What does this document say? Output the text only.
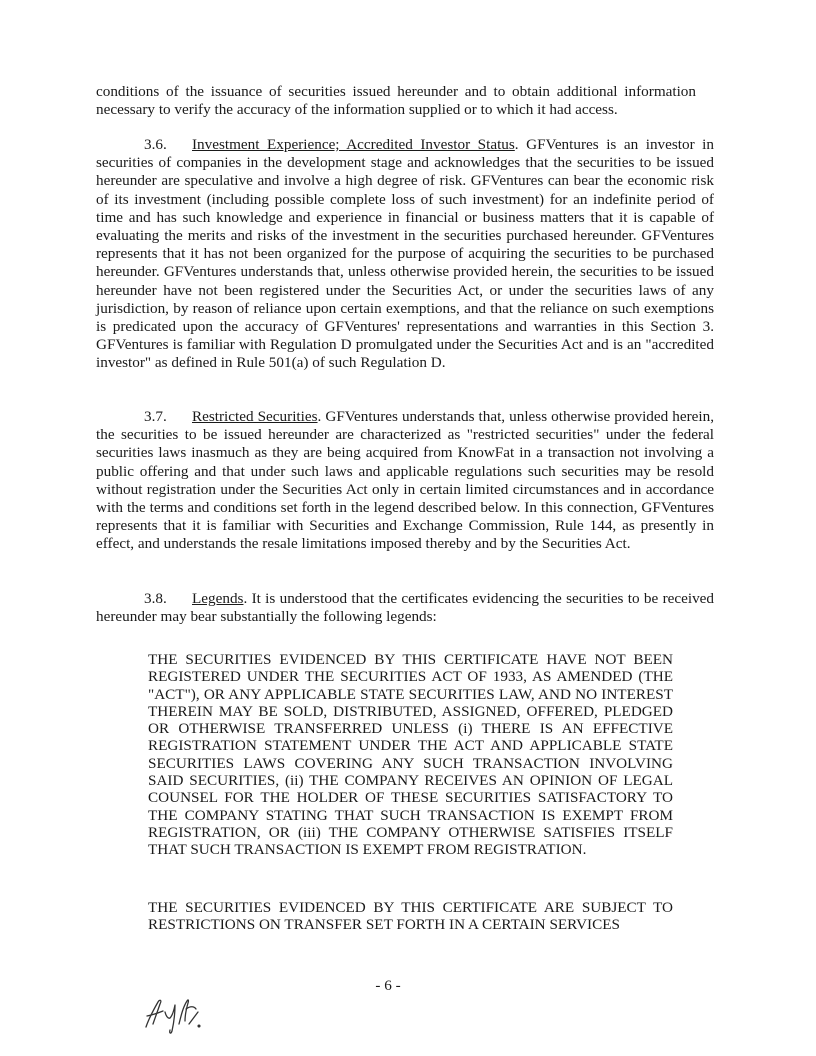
conditions of the issuance of securities issued hereunder and to obtain additional information necessary to verify the accuracy of the information supplied or to which it had access.

3.6. Investment Experience; Accredited Investor Status. GFVentures is an investor in securities of companies in the development stage and acknowledges that the securities to be issued hereunder are speculative and involve a high degree of risk. GFVentures can bear the economic risk of its investment (including possible complete loss of such investment) for an indefinite period of time and has such knowledge and experience in financial or business matters that it is capable of evaluating the merits and risks of the investment in the securities purchased hereunder. GFVentures represents that it has not been organized for the purpose of acquiring the securities to be purchased hereunder. GFVentures understands that, unless otherwise provided herein, the securities to be issued hereunder have not been registered under the Securities Act, or under the securities laws of any jurisdiction, by reason of reliance upon certain exemptions, and that the reliance on such exemptions is predicated upon the accuracy of GFVentures' representations and warranties in this Section 3. GFVentures is familiar with Regulation D promulgated under the Securities Act and is an "accredited investor" as defined in Rule 501(a) of such Regulation D.

3.7. Restricted Securities. GFVentures understands that, unless otherwise provided herein, the securities to be issued hereunder are characterized as "restricted securities" under the federal securities laws inasmuch as they are being acquired from KnowFat in a transaction not involving a public offering and that under such laws and applicable regulations such securities may be resold without registration under the Securities Act only in certain limited circumstances and in accordance with the terms and conditions set forth in the legend described below. In this connection, GFVentures represents that it is familiar with Securities and Exchange Commission, Rule 144, as presently in effect, and understands the resale limitations imposed thereby and by the Securities Act.

3.8. Legends. It is understood that the certificates evidencing the securities to be received hereunder may bear substantially the following legends:

THE SECURITIES EVIDENCED BY THIS CERTIFICATE HAVE NOT BEEN REGISTERED UNDER THE SECURITIES ACT OF 1933, AS AMENDED (THE "ACT"), OR ANY APPLICABLE STATE SECURITIES LAW, AND NO INTEREST THEREIN MAY BE SOLD, DISTRIBUTED, ASSIGNED, OFFERED, PLEDGED OR OTHERWISE TRANSFERRED UNLESS (i) THERE IS AN EFFECTIVE REGISTRATION STATEMENT UNDER THE ACT AND APPLICABLE STATE SECURITIES LAWS COVERING ANY SUCH TRANSACTION INVOLVING SAID SECURITIES, (ii) THE COMPANY RECEIVES AN OPINION OF LEGAL COUNSEL FOR THE HOLDER OF THESE SECURITIES SATISFACTORY TO THE COMPANY STATING THAT SUCH TRANSACTION IS EXEMPT FROM REGISTRATION, OR (iii) THE COMPANY OTHERWISE SATISFIES ITSELF THAT SUCH TRANSACTION IS EXEMPT FROM REGISTRATION.

THE SECURITIES EVIDENCED BY THIS CERTIFICATE ARE SUBJECT TO RESTRICTIONS ON TRANSFER SET FORTH IN A CERTAIN SERVICES

- 6 -
